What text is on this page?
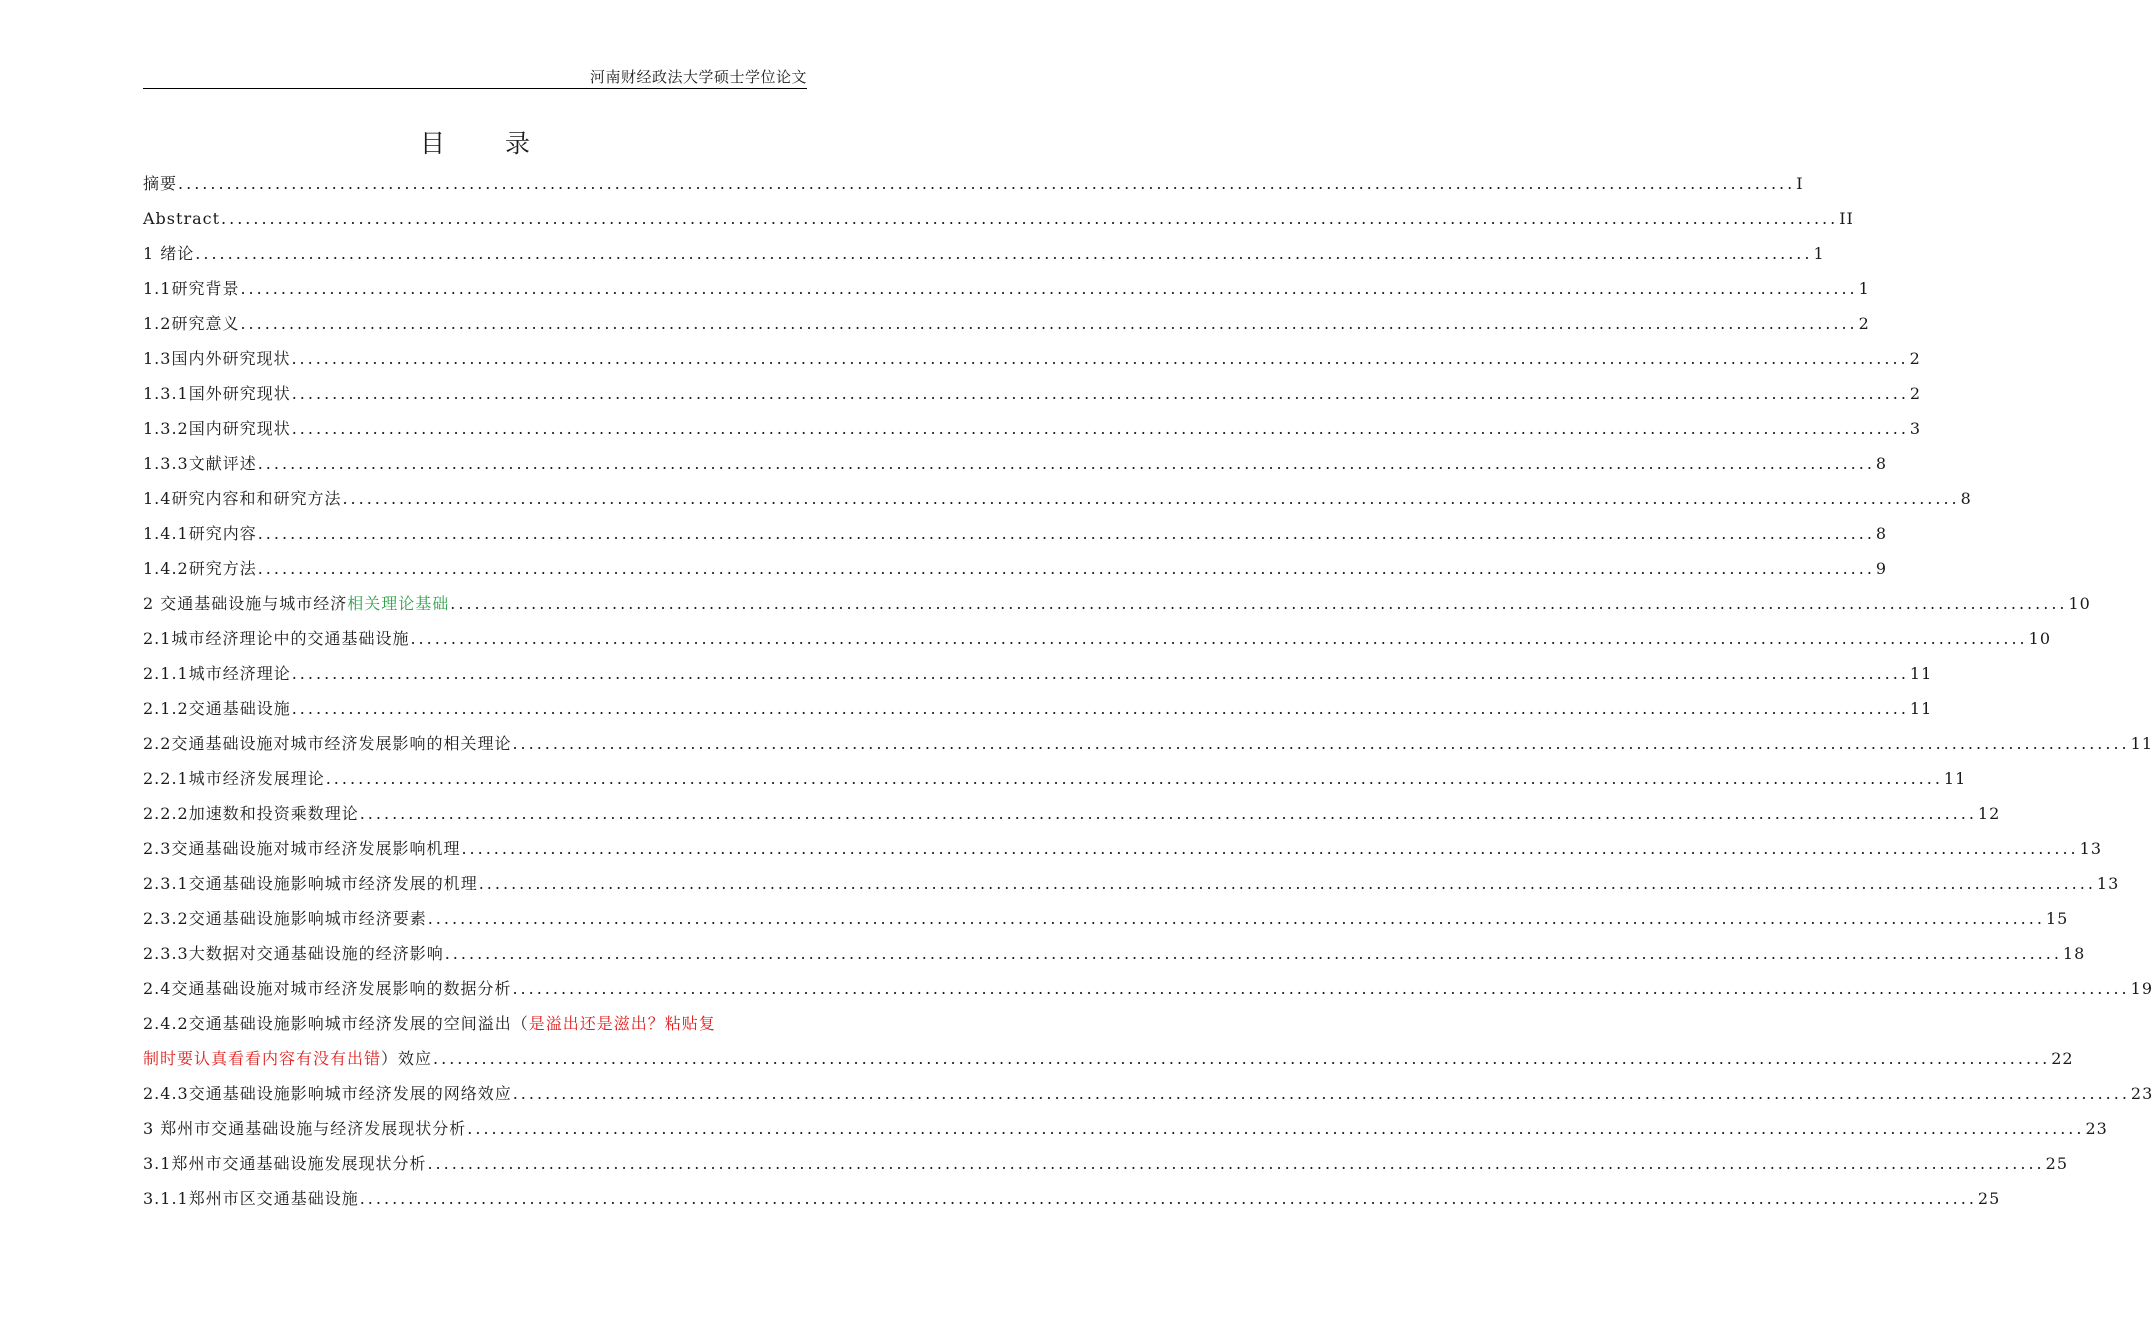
河南财经政法大学硕士学位论文
目 录
摘要 ........................................................................................................................................................................................................ I
Abstract ........................................................................................................................................................................................................ II
1 绪论 ........................................................................................................................................................................................................ 1
1.1研究背景 ........................................................................................................................................................................................................ 1
1.2研究意义 ........................................................................................................................................................................................................ 2
1.3国内外研究现状 ........................................................................................................................................................................................................ 2
1.3.1国外研究现状 ........................................................................................................................................................................................................ 2
1.3.2国内研究现状 ........................................................................................................................................................................................................ 3
1.3.3文献评述 ........................................................................................................................................................................................................ 8
1.4研究内容和和研究方法 ........................................................................................................................................................................................................ 8
1.4.1研究内容 ........................................................................................................................................................................................................ 8
1.4.2研究方法 ........................................................................................................................................................................................................ 9
2 交通基础设施与城市经济相关理论基础 ........................................................................................................................................................................................................ 10
2.1城市经济理论中的交通基础设施 ........................................................................................................................................................................................................ 10
2.1.1城市经济理论 ........................................................................................................................................................................................................ 11
2.1.2交通基础设施 ........................................................................................................................................................................................................ 11
2.2交通基础设施对城市经济发展影响的相关理论 ........................................................................................................................................................................................................ 11
2.2.1城市经济发展理论 ........................................................................................................................................................................................................ 11
2.2.2加速数和投资乘数理论 ........................................................................................................................................................................................................ 12
2.3交通基础设施对城市经济发展影响机理 ........................................................................................................................................................................................................ 13
2.3.1交通基础设施影响城市经济发展的机理 ........................................................................................................................................................................................................ 13
2.3.2交通基础设施影响城市经济要素 ........................................................................................................................................................................................................ 15
2.3.3大数据对交通基础设施的经济影响 ........................................................................................................................................................................................................ 18
2.4交通基础设施对城市经济发展影响的数据分析 ........................................................................................................................................................................................................ 19
2.4.2交通基础设施影响城市经济发展的空间溢出（是溢出还是滋出？粘贴复
制时要认真看看内容有没有出错）效应 ........................................................................................................................................................................................................ 22
2.4.3交通基础设施影响城市经济发展的网络效应 ........................................................................................................................................................................................................ 23
3 郑州市交通基础设施与经济发展现状分析 ........................................................................................................................................................................................................ 23
3.1郑州市交通基础设施发展现状分析 ........................................................................................................................................................................................................ 25
3.1.1郑州市区交通基础设施 ........................................................................................................................................................................................................ 25
